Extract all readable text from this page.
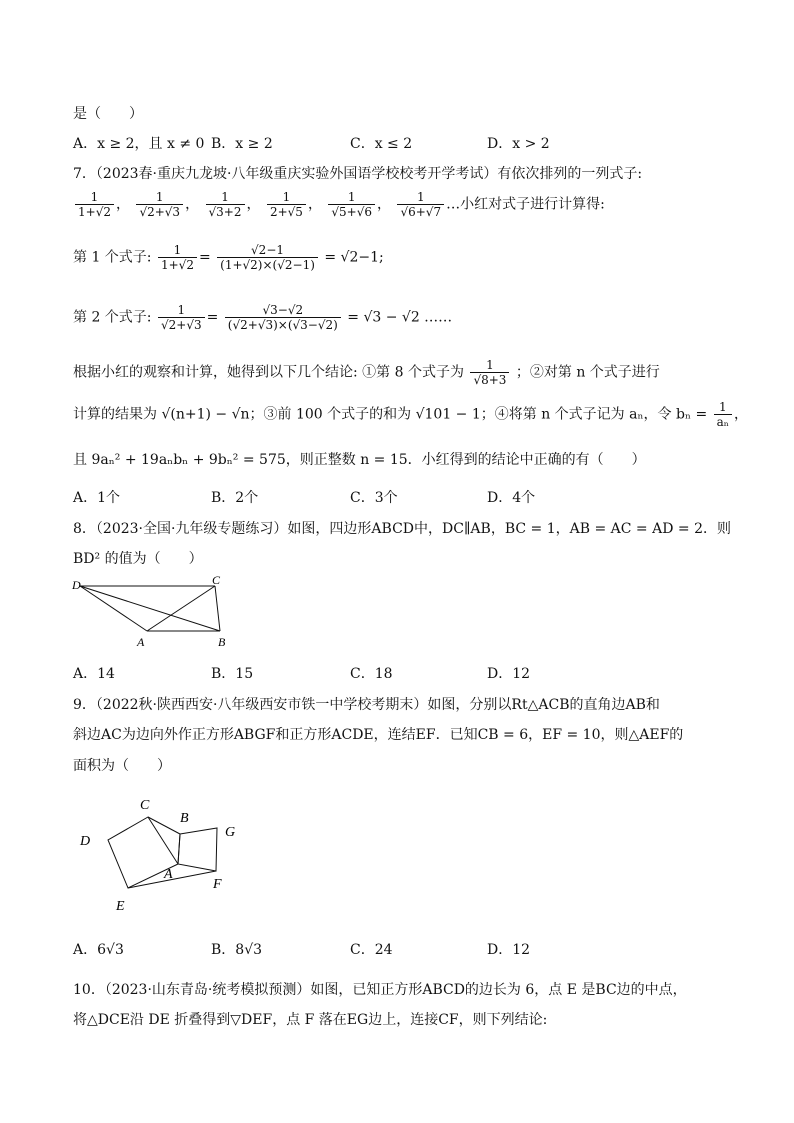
是（　　）
A．x ≥ 2，且 x ≠ 0 B．x ≥ 2	C．x ≤ 2	D．x > 2
7．（2023春·重庆九龙坡·八年级重庆实验外国语学校校考开学考试）有依次排列的一列式子:
$\frac{1}{1+√2}$ ， $\frac{1}{√2+√3}$ ， $\frac{1}{√3+2}$ ， $\frac{1}{2+√5}$ ， $\frac{1}{√5+√6}$ ， $\frac{1}{√6+√7}$ …小红对式子进行计算得:
第 1 个式子: $\frac{1}{1+√2} = \frac{√2-1}{(1+√2)\times(√2-1)} = √2-1$;
第 2 个式子: $\frac{1}{√2+√3} = \frac{√3-√2}{(√2+√3)\times(√3-√2)} = √3 - √2$ ……
根据小红的观察和计算，她得到以下几个结论: ①第 8 个式子为 $\frac{1}{√8+3}$ ；②对第 n 个式子进行
计算的结果为 √(n+1) − √n；③前 100 个式子的和为 √101 − 1；④将第 n 个式子记为 aₙ，令 $b_n = \frac{1}{\text{aₙ}}$ ，
且 9aₙ² + 19aₙbₙ + 9bₙ² = 575，则正整数 n = 15．小红得到的结论中正确的有（　　）
A．1个	B．2个	C．3个	D．4个
8．（2023·全国·九年级专题练习）如图，四边形ABCD中，DC∥AB，BC = 1，AB = AC = AD = 2．则
BD² 的值为（　　）
D	C
A	B
A．14	B．15	C．18	D．12
9．（2022秋·陕西西安·八年级西安市铁一中学校考期末）如图，分别以Rt△ACB的直角边AB和
斜边AC为边向外作正方形ABGF和正方形ACDE，连结EF．已知CB = 6，EF = 10，则△AEF的
面积为（　　）
C
B
G
D
A
F
E
A．6√3	B．8√3	C．24	D．12
10．（2023·山东青岛·统考模拟预测）如图，已知正方形ABCD的边长为 6，点 E 是BC边的中点，
将△DCE沿 DE 折叠得到▽DEF，点 F 落在EG边上，连接CF，则下列结论:
